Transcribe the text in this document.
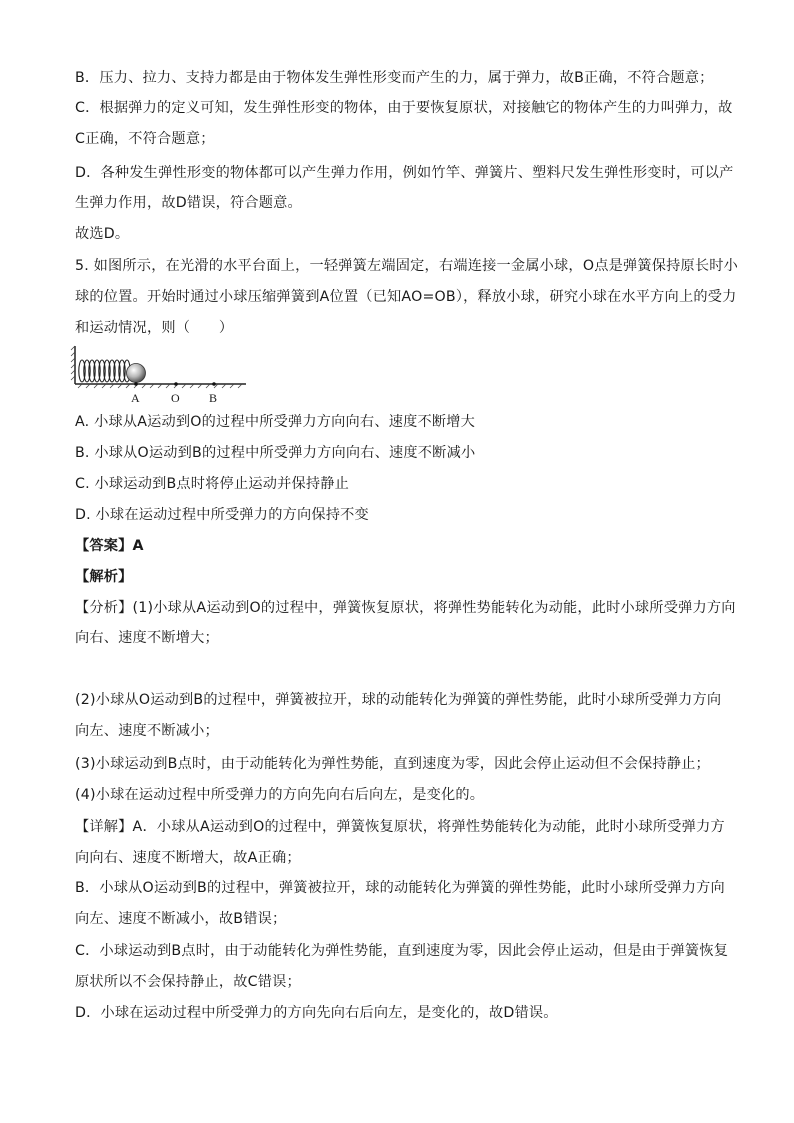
B．压力、拉力、支持力都是由于物体发生弹性形变而产生的力，属于弹力，故B正确，不符合题意；
C．根据弹力的定义可知，发生弹性形变的物体，由于要恢复原状，对接触它的物体产生的力叫弹力，故
C正确，不符合题意；
D．各种发生弹性形变的物体都可以产生弹力作用，例如竹竿、弹簧片、塑料尺发生弹性形变时，可以产
生弹力作用，故D错误，符合题意。
故选D。
5. 如图所示，在光滑的水平台面上，一轻弹簧左端固定，右端连接一金属小球，O点是弹簧保持原长时小
球的位置。开始时通过小球压缩弹簧到A位置（已知AO=OB），释放小球，研究小球在水平方向上的受力
和运动情况，则（　　）
A	O B
A. 小球从A运动到O的过程中所受弹力方向向右、速度不断增大
B. 小球从O运动到B的过程中所受弹力方向向右、速度不断减小
C. 小球运动到B点时将停止运动并保持静止
D. 小球在运动过程中所受弹力的方向保持不变
【答案】A
【解析】
【分析】(1)小球从A运动到O的过程中，弹簧恢复原状，将弹性势能转化为动能，此时小球所受弹力方向
向右、速度不断增大；
(2)小球从O运动到B的过程中，弹簧被拉开，球的动能转化为弹簧的弹性势能，此时小球所受弹力方向
向左、速度不断减小；
(3)小球运动到B点时，由于动能转化为弹性势能，直到速度为零，因此会停止运动但不会保持静止；
(4)小球在运动过程中所受弹力的方向先向右后向左，是变化的。
【详解】A．小球从A运动到O的过程中，弹簧恢复原状，将弹性势能转化为动能，此时小球所受弹力方
向向右、速度不断增大，故A正确；
B．小球从O运动到B的过程中，弹簧被拉开，球的动能转化为弹簧的弹性势能，此时小球所受弹力方向
向左、速度不断减小，故B错误；
C．小球运动到B点时，由于动能转化为弹性势能，直到速度为零，因此会停止运动，但是由于弹簧恢复
原状所以不会保持静止，故C错误；
D．小球在运动过程中所受弹力的方向先向右后向左，是变化的，故D错误。
